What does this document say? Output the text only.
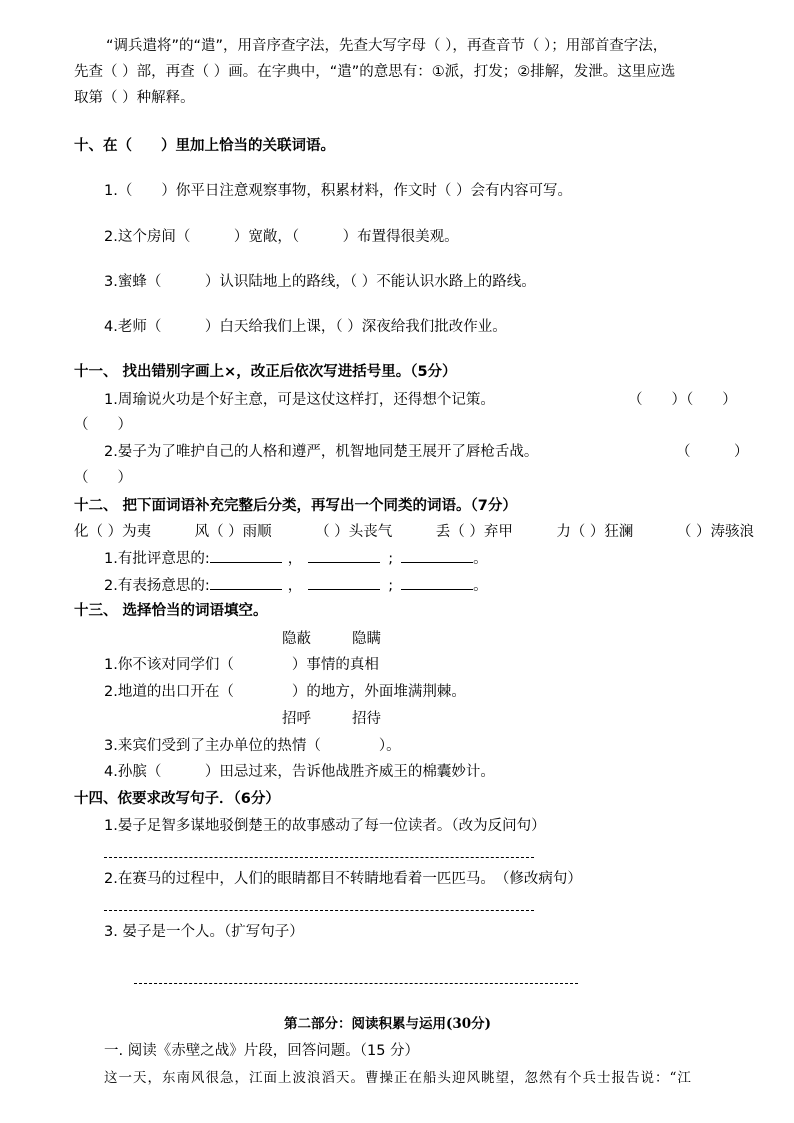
“调兵遣将”的“遣”，用音序查字法，先查大写字母（ ），再查音节（ ）；用部首查字法，
先查（ ）部，再查（ ）画。在字典中，“遣”的意思有：①派，打发；②排解，发泄。这里应选
取第（ ）种解释。
十、在（　　）里加上恰当的关联词语。
1.（　　）你平日注意观察事物，积累材料，作文时（ ）会有内容可写。
2.这个房间（　　　）宽敞，（　　　）布置得很美观。
3.蜜蜂（　　　）认识陆地上的路线，（ ）不能认识水路上的路线。
4.老师（　　　）白天给我们上课，（ ）深夜给我们批改作业。
十一、 找出错别字画上×，改正后依次写进括号里。（5分）
1.周瑜说火功是个好主意，可是这仗这样打，还得想个记策。	（　　）（　　）
（　　）
2.晏子为了唯护自己的人格和遵严，机智地同楚王展开了唇枪舌战。	（　　　）
（　　）
十二、 把下面词语补充完整后分类，再写出一个同类的词语。（7分）
化（ ）为夷	风（ ）雨顺	（ ）头丧气	丢（ ）弃甲	力（ ）狂澜	（ ）涛骇浪
1.有批评意思的:	，	;	。
2.有表扬意思的:	，	;	。
十三、 选择恰当的词语填空。
隐蔽	隐瞒
1.你不该对同学们（　　　　）事情的真相
2.地道的出口开在（　　　　）的地方，外面堆满荆棘。
招呼	招待
3.来宾们受到了主办单位的热情（　　　　）。
4.孙膑（　　　）田忌过来，告诉他战胜齐威王的棉囊妙计。
十四、依要求改写句子．（6分）
1.晏子足智多谋地驳倒楚王的故事感动了每一位读者。（改为反问句）
2.在赛马的过程中，人们的眼睛都目不转睛地看着一匹匹马。　（修改病句）
3. 晏子是一个人。（扩写句子）
第二部分：阅读积累与运用(30分)
一. 阅读《赤壁之战》片段，回答问题。（15 分）
这一天，东南风很急，江面上波浪滔天。曹操正在船头迎风眺望，忽然有个兵士报告说：“江
